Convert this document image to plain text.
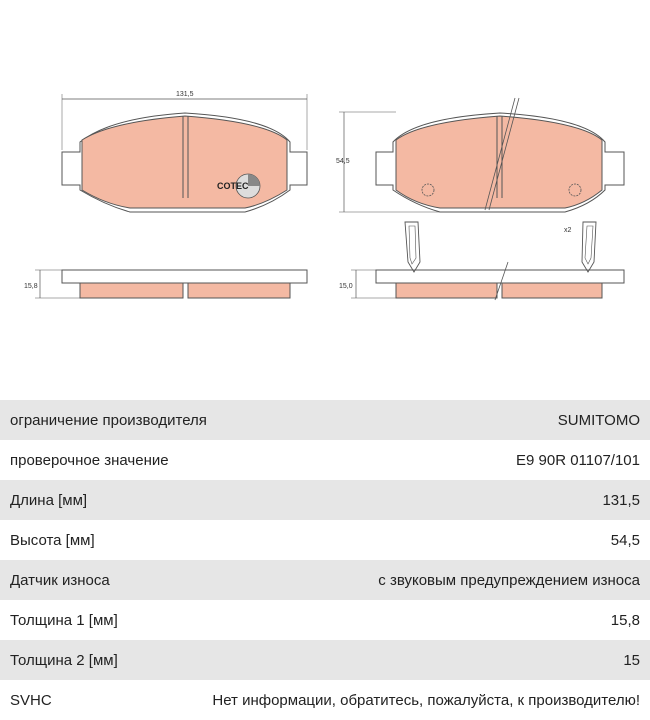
COTEC
131,5
54,5
x2
15,8	15,0
ограничение производителя	SUMITOMO
проверочное значение	E9 90R 01107/101
Длина [мм]	131,5
Высота [мм]	54,5
Датчик износа	с звуковым предупреждением износа
Толщина 1 [мм]	15,8
Толщина 2 [мм]	15
SVHC	Нет информации, обратитесь, пожалуйста, к производителю!
